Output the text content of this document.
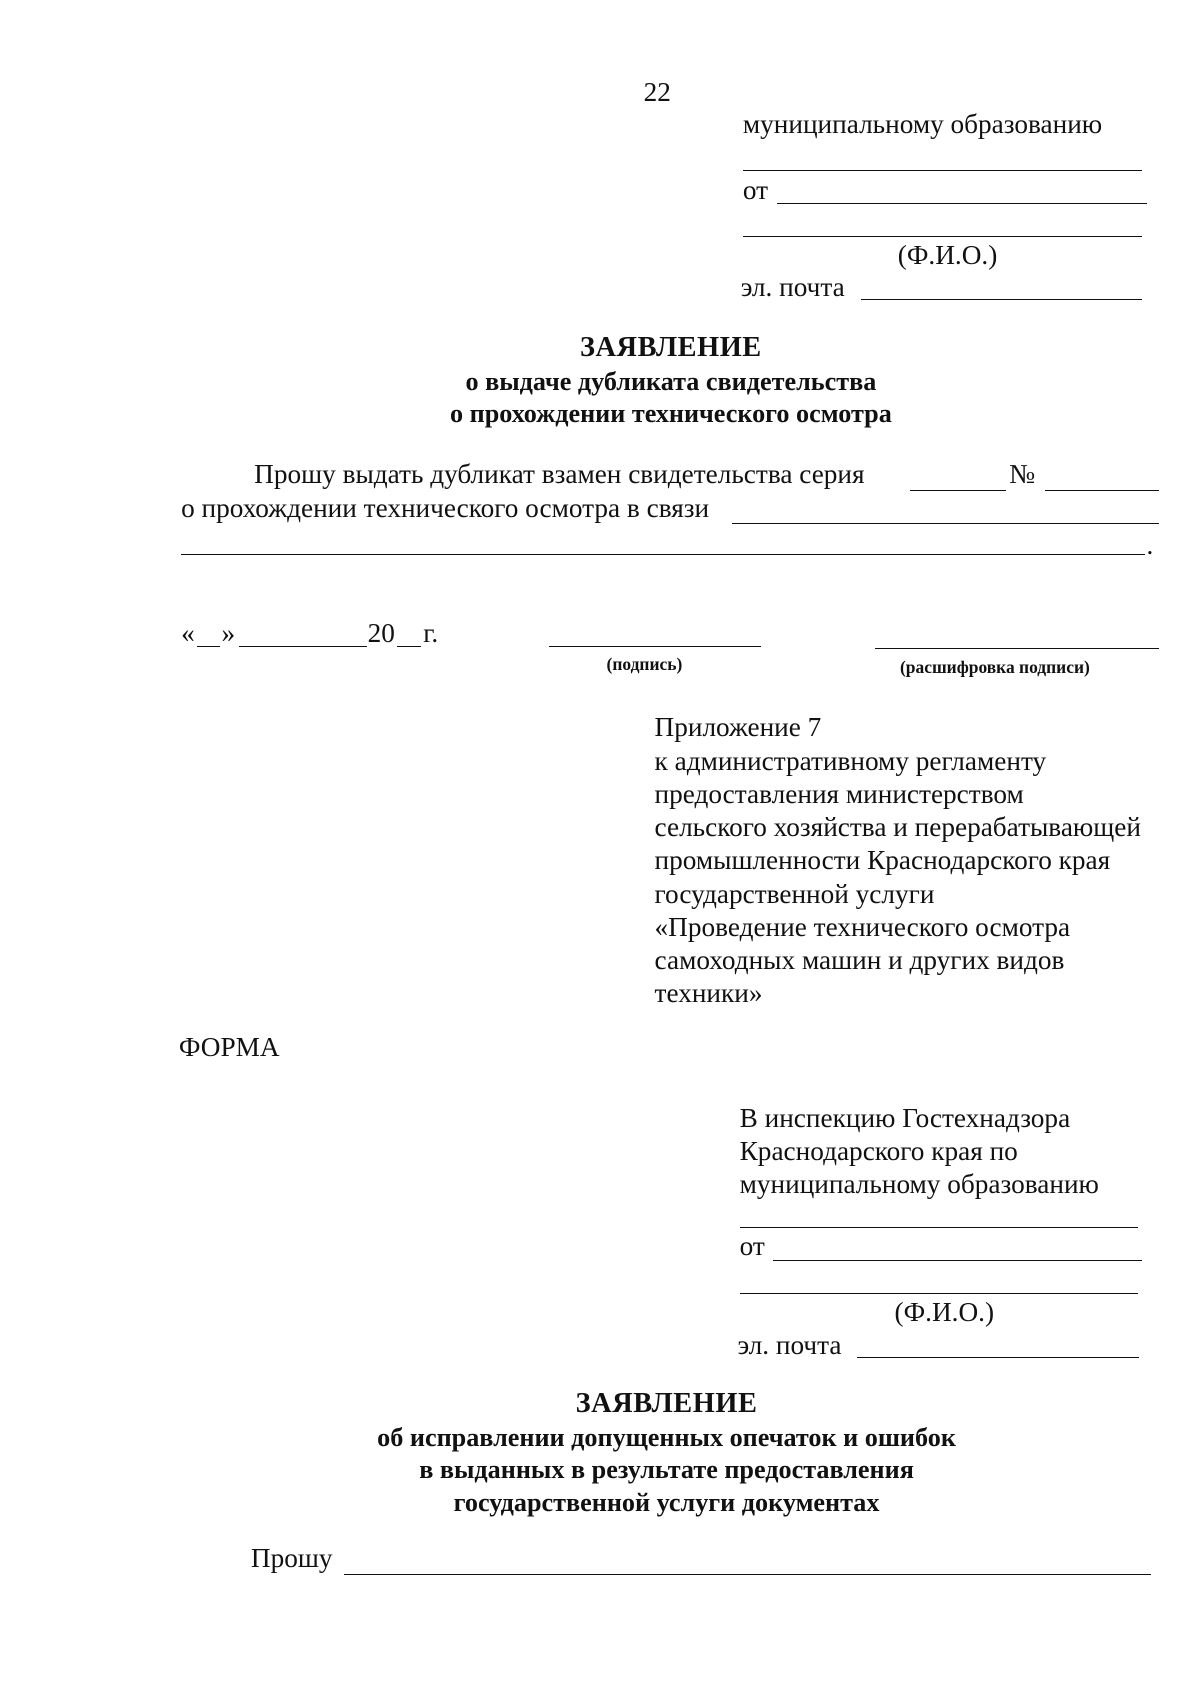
22
муниципальному образованию
от
(Ф.И.О.)
эл. почта
ЗАЯВЛЕНИЕ
о выдаче дубликата свидетельства
о прохождении технического осмотра
Прошу выдать дубликат взамен свидетельства серия	№
о прохождении технического осмотра в связи
.
« »	20 г.
(подпись)	(расшифровка подписи)
Приложение 7
к административному регламенту
предоставления министерством
сельского хозяйства и перерабатывающей
промышленности Краснодарского края
государственной услуги
«Проведение технического осмотра
самоходных машин и других видов
техники»
ФОРМА
В инспекцию Гостехнадзора
Краснодарского края по
муниципальному образованию
от
(Ф.И.О.)
эл. почта
ЗАЯВЛЕНИЕ
об исправлении допущенных опечаток и ошибок
в выданных в результате предоставления
государственной услуги документах
Прошу
